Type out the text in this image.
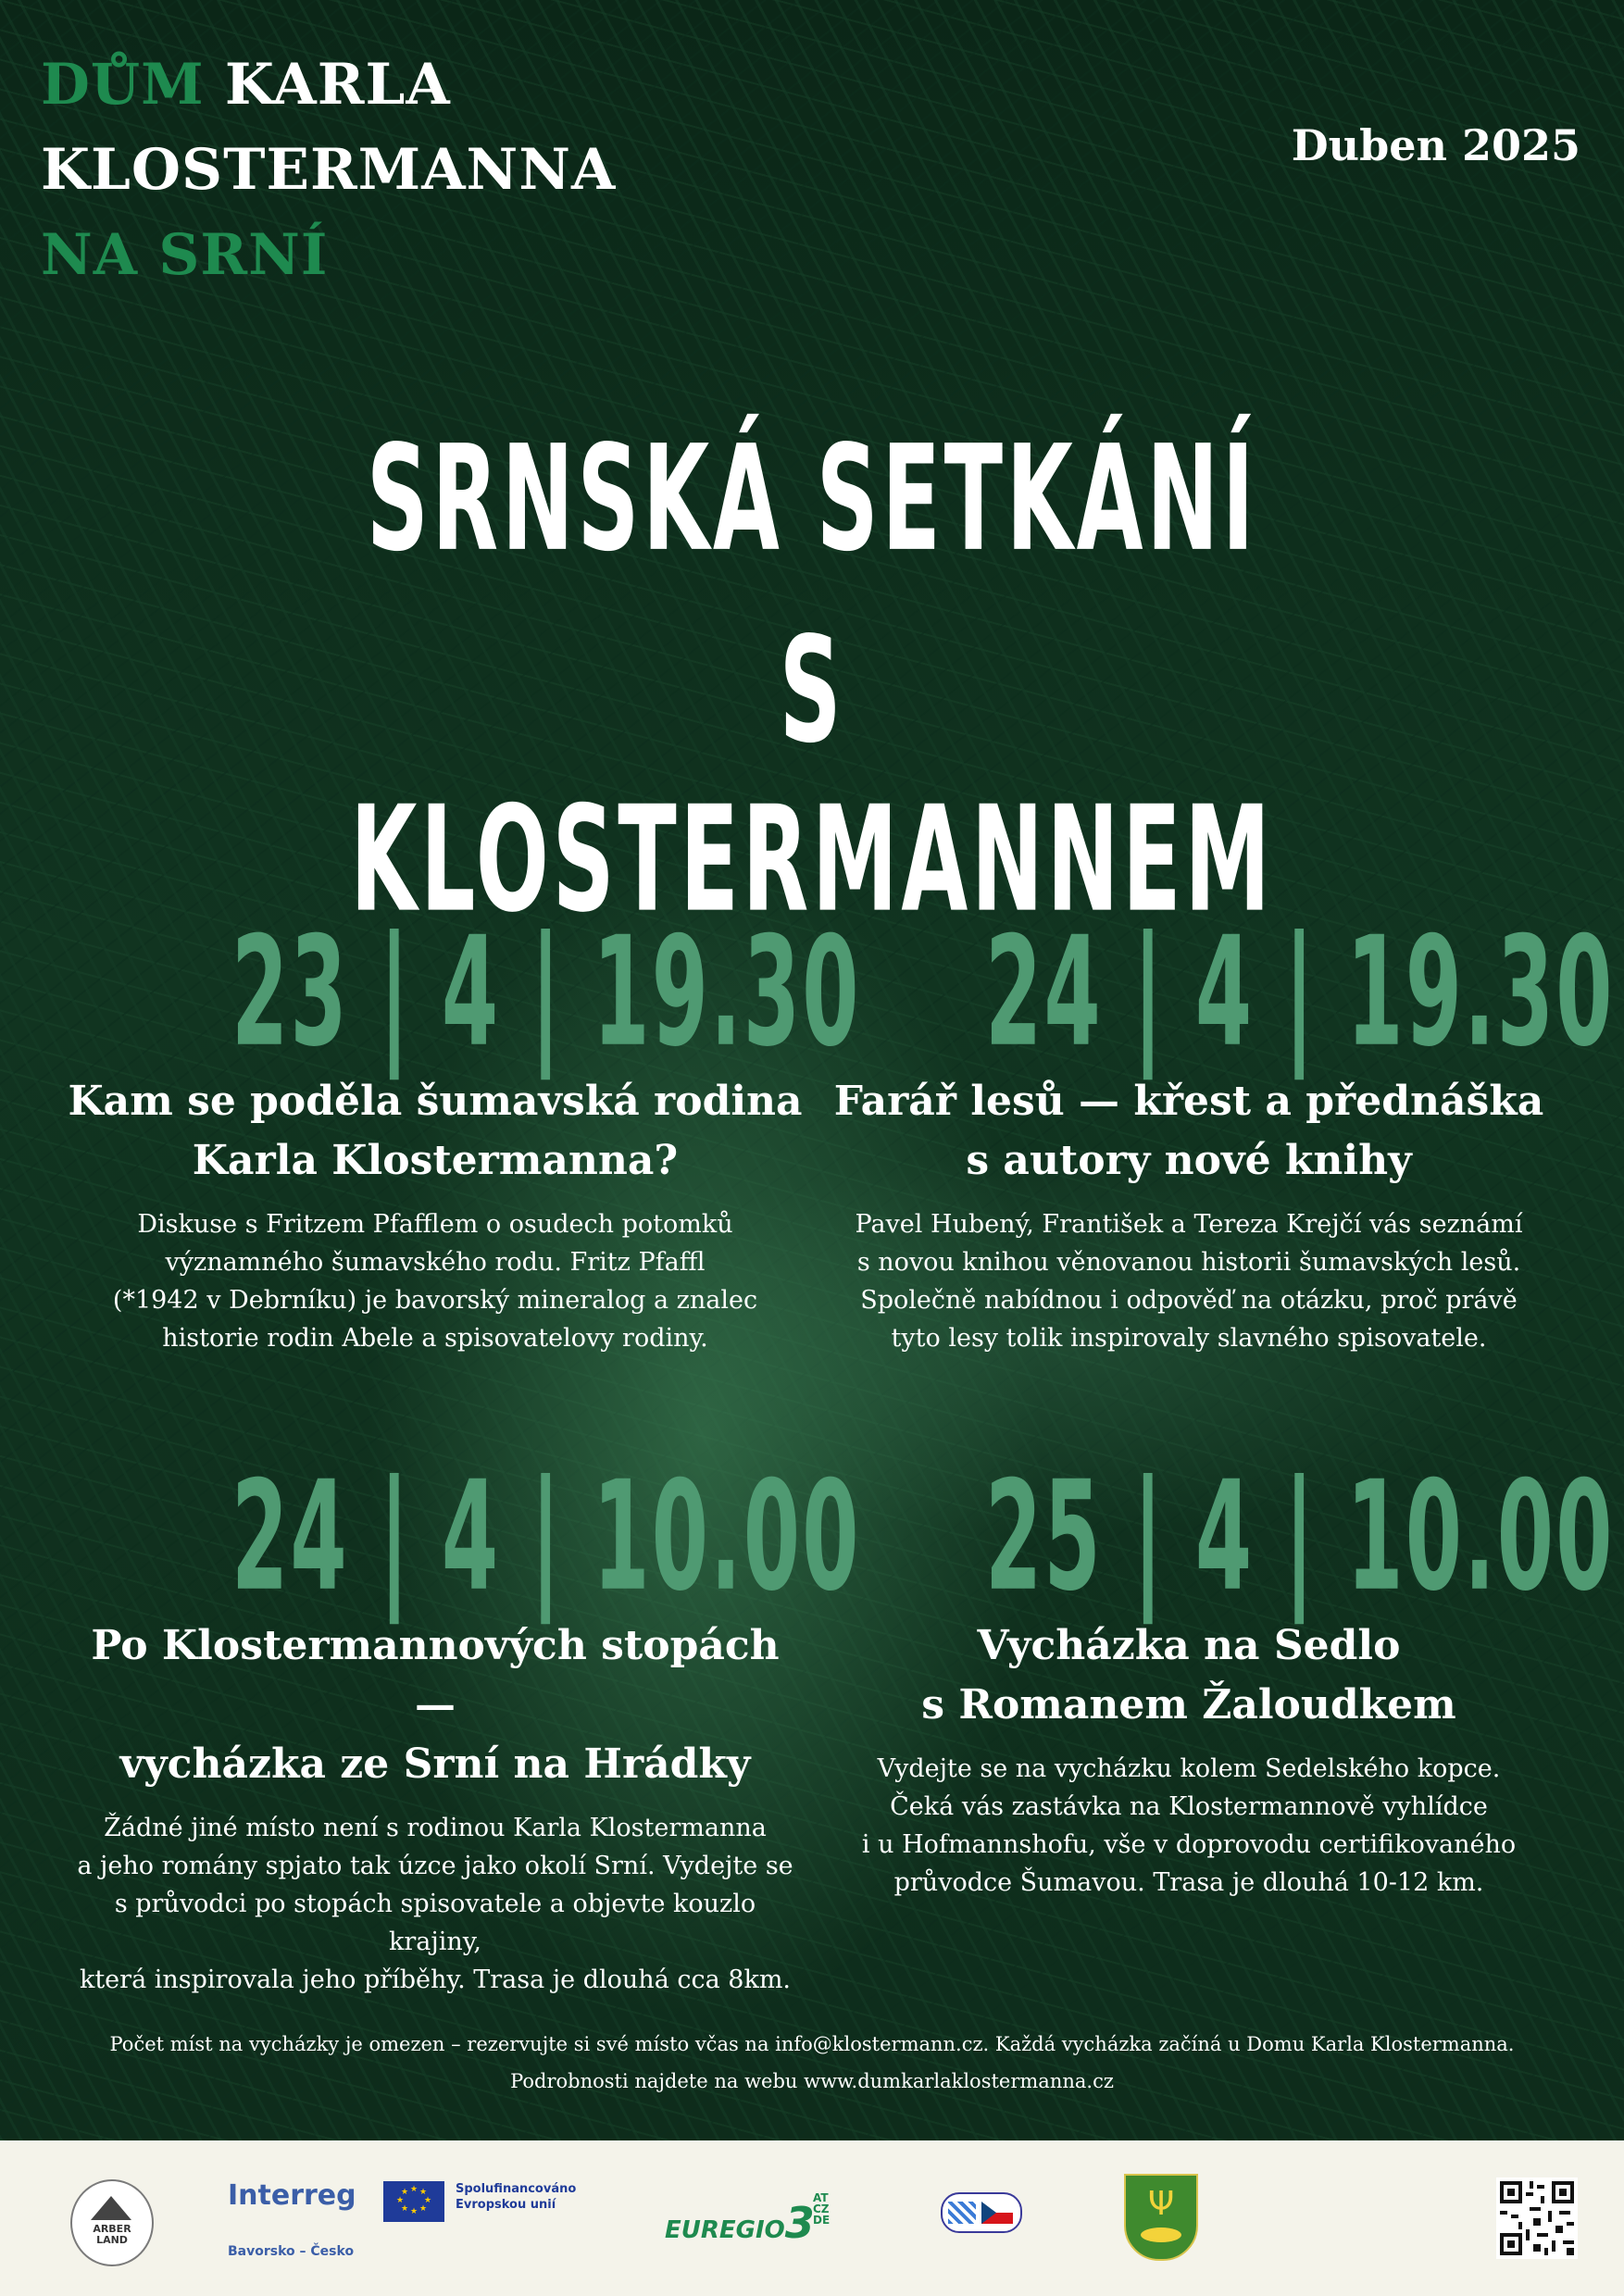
DŮM KARLA
KLOSTERMANNA
NA SRNÍ
Duben 2025
SRNSKÁ SETKÁNÍ
S KLOSTERMANNEM
23 | 4 | 19.30
Kam se poděla šumavská rodina
Karla Klostermanna?
Diskuse s Fritzem Pfafflem o osudech potomků
významného šumavského rodu. Fritz Pfaffl
(*1942 v Debrníku) je bavorský mineralog a znalec
historie rodin Abele a spisovatelovy rodiny.
24 | 4 | 19.30
Farář lesů — křest a přednáška
s autory nové knihy
Pavel Hubený, František a Tereza Krejčí vás seznámí
s novou knihou věnovanou historii šumavských lesů.
Společně nabídnou i odpověď na otázku, proč právě
tyto lesy tolik inspirovaly slavného spisovatele.
24 | 4 | 10.00
Po Klostermannových stopách —
vycházka ze Srní na Hrádky
Žádné jiné místo není s rodinou Karla Klostermanna
a jeho romány spjato tak úzce jako okolí Srní. Vydejte se
s průvodci po stopách spisovatele a objevte kouzlo krajiny,
která inspirovala jeho příběhy. Trasa je dlouhá cca 8km.
25 | 4 | 10.00
Vycházka na Sedlo
s Romanem Žaloudkem
Vydejte se na vycházku kolem Sedelského kopce.
Čeká vás zastávka na Klostermannově vyhlídce
i u Hofmannshofu, vše v doprovodu certifikovaného
průvodce Šumavou. Trasa je dlouhá 10-12 km.
Počet míst na vycházky je omezen – rezervujte si své místo včas na info@klostermann.cz. Každá vycházka začíná u Domu Karla Klostermanna.
Podrobnosti najdete na webu www.dumkarlaklostermanna.cz
ARBER
LAND
Interreg
Bavorsko – Česko
★ ★
★
★
★
★
★
★	Spolufinancováno
Evropskou unií
EUREGIO3
AT
CZ
DE	Ψ
